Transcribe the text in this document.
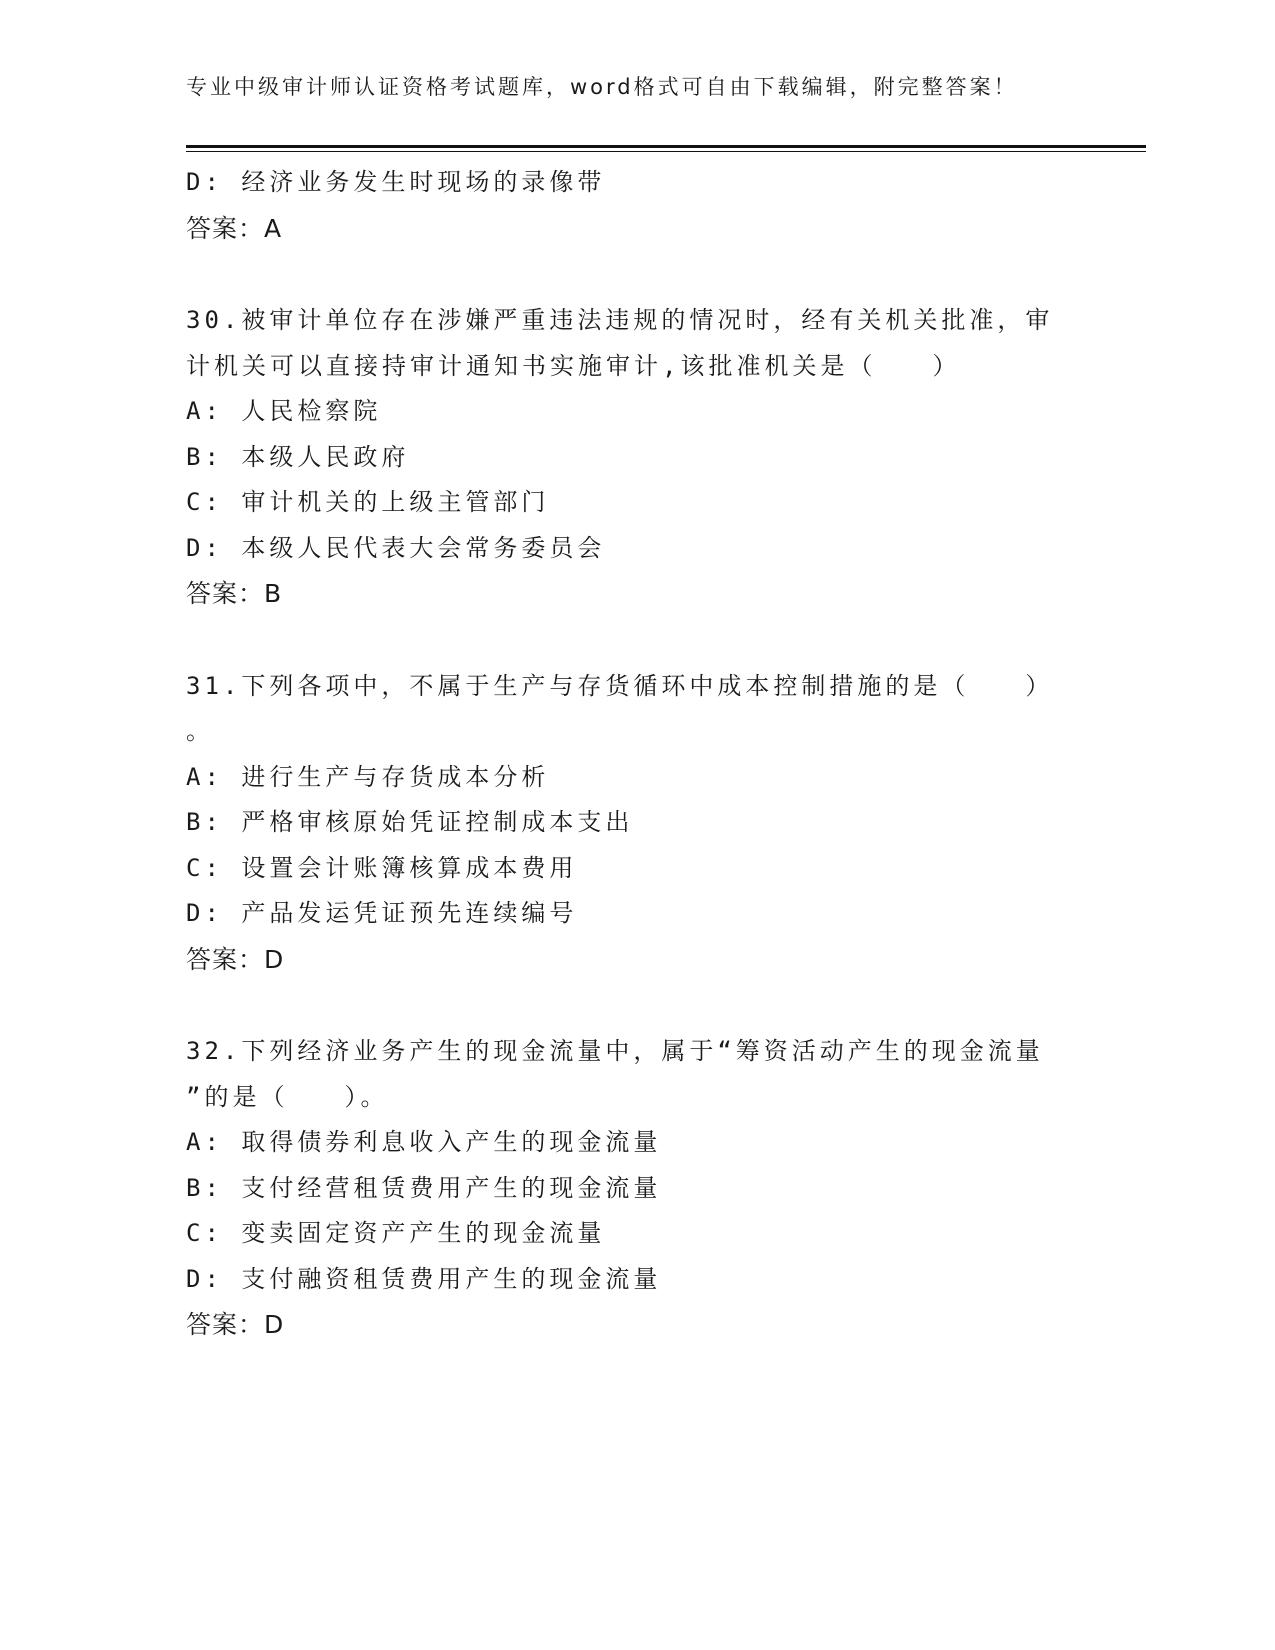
专业中级审计师认证资格考试题库，word格式可自由下载编辑，附完整答案！
D: 经济业务发生时现场的录像带
答案：A
30.被审计单位存在涉嫌严重违法违规的情况时，经有关机关批准，审
计机关可以直接持审计通知书实施审计,该批准机关是（　　）
A: 人民检察院
B: 本级人民政府
C: 审计机关的上级主管部门
D: 本级人民代表大会常务委员会
答案：B
31.下列各项中，不属于生产与存货循环中成本控制措施的是（　　）
。
A: 进行生产与存货成本分析
B: 严格审核原始凭证控制成本支出
C: 设置会计账簿核算成本费用
D: 产品发运凭证预先连续编号
答案：D
32.下列经济业务产生的现金流量中，属于“筹资活动产生的现金流量
”的是（　　）。
A: 取得债券利息收入产生的现金流量
B: 支付经营租赁费用产生的现金流量
C: 变卖固定资产产生的现金流量
D: 支付融资租赁费用产生的现金流量
答案：D
